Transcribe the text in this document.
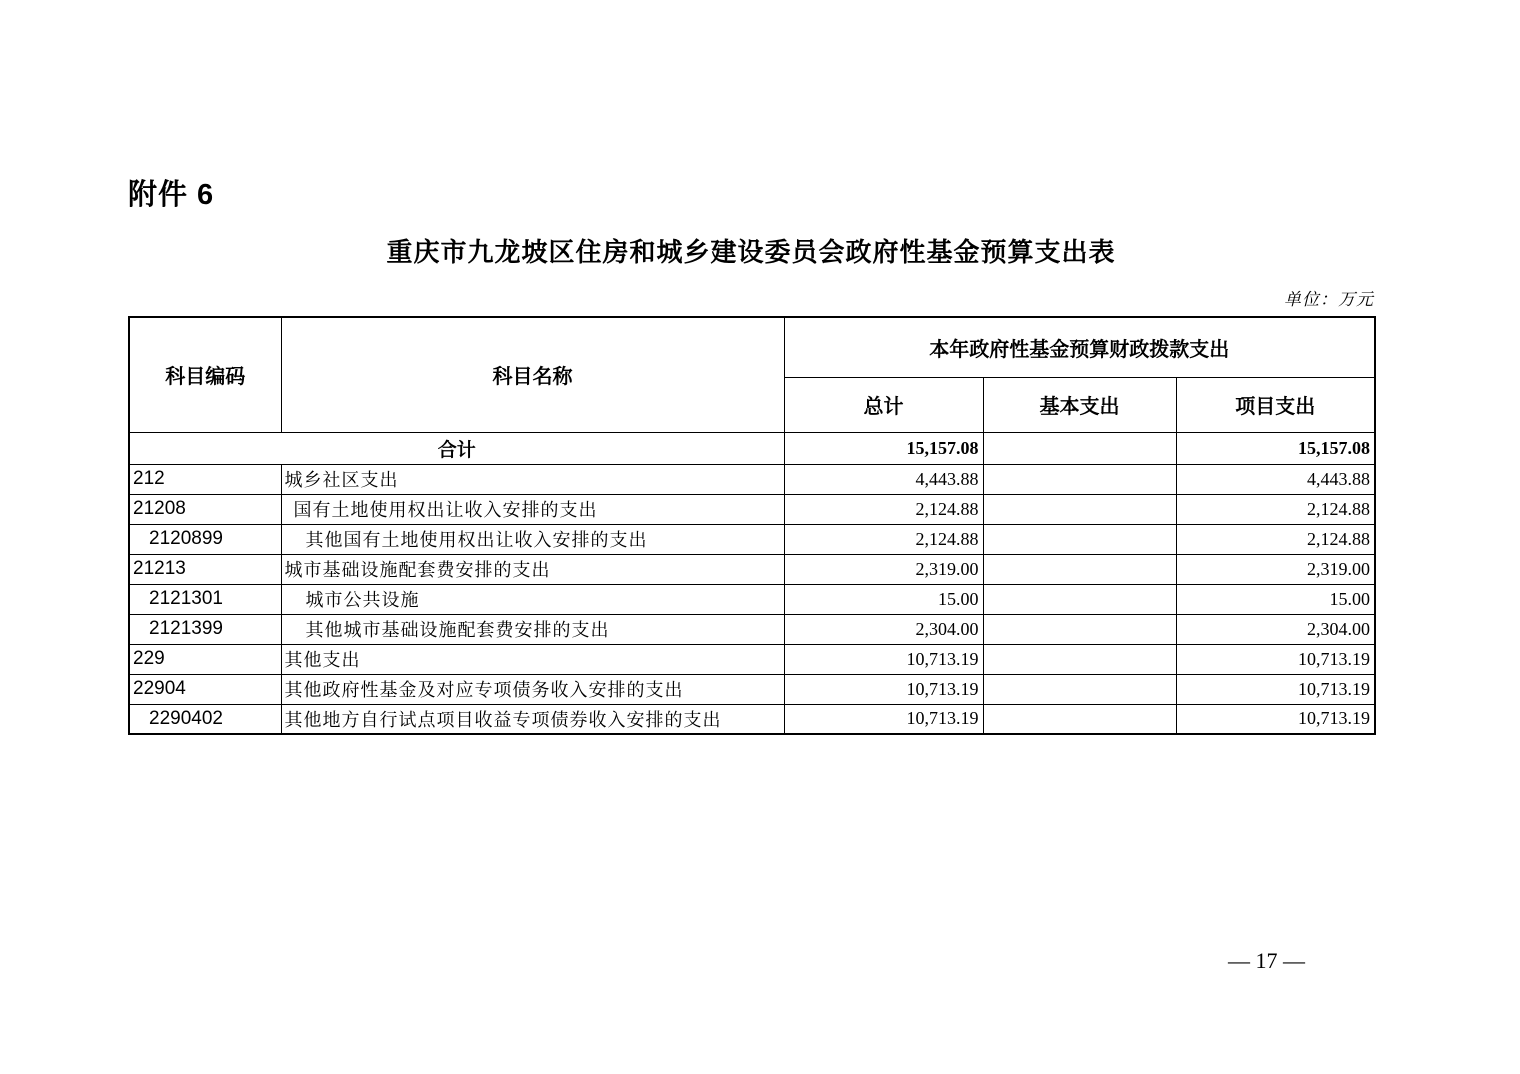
附件 6
重庆市九龙坡区住房和城乡建设委员会政府性基金预算支出表
单位：万元
科目编码	科目名称	本年政府性基金预算财政拨款支出		
		总计	基本支出	项目支出
合计		15,157.08		15,157.08
212	城乡社区支出	4,443.88		4,443.88
21208	国有土地使用权出让收入安排的支出	2,124.88		2,124.88
2120899	其他国有土地使用权出让收入安排的支出	2,124.88		2,124.88
21213	城市基础设施配套费安排的支出	2,319.00		2,319.00
2121301	城市公共设施	15.00		15.00
2121399	其他城市基础设施配套费安排的支出	2,304.00		2,304.00
229	其他支出	10,713.19		10,713.19
22904	其他政府性基金及对应专项债务收入安排的支出	10,713.19		10,713.19
2290402	其他地方自行试点项目收益专项债券收入安排的支出	10,713.19		10,713.19
— 17 —
